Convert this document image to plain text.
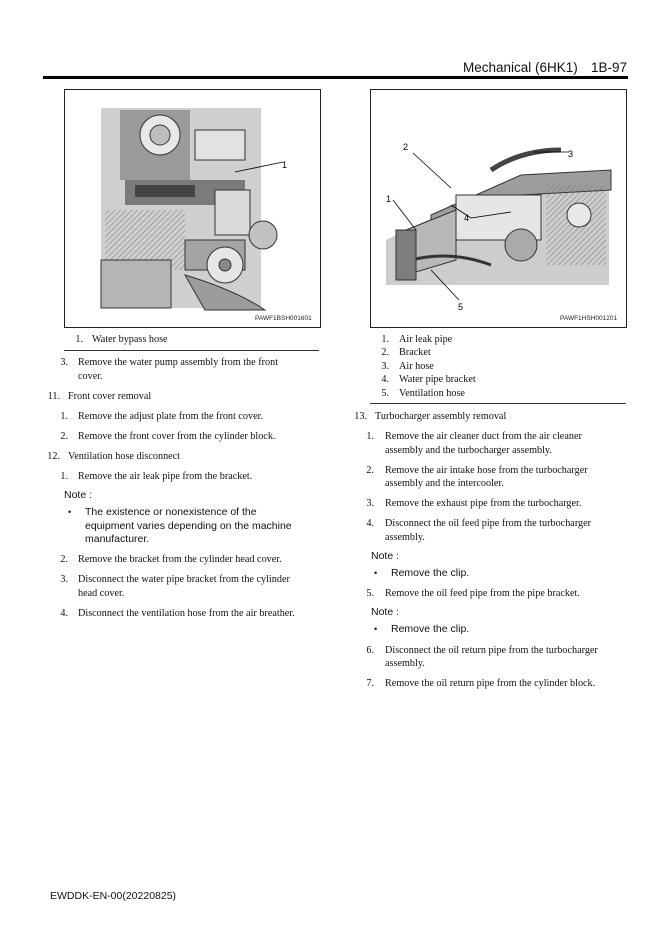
Mechanical (6HK1) 1B-97
1
PAWF1BSH001601
2
3
1
4
5
PAWF1HSH001201
1. Water bypass hose
3. Remove the water pump assembly from the front
cover.
11. Front cover removal
1. Remove the adjust plate from the front cover.
2. Remove the front cover from the cylinder block.
12. Ventilation hose disconnect
1. Remove the air leak pipe from the bracket.
Note :
• The existence or nonexistence of the
equipment varies depending on the machine
manufacturer.
2. Remove the bracket from the cylinder head cover.
3. Disconnect the water pipe bracket from the cylinder
head cover.
4. Disconnect the ventilation hose from the air breather.
1. Air leak pipe
2. Bracket
3. Air hose
4. Water pipe bracket
5. Ventilation hose
13. Turbocharger assembly removal
1. Remove the air cleaner duct from the air cleaner
assembly and the turbocharger assembly.
2. Remove the air intake hose from the turbocharger
assembly and the intercooler.
3. Remove the exhaust pipe from the turbocharger.
4. Disconnect the oil feed pipe from the turbocharger
assembly.
Note :
• Remove the clip.
5. Remove the oil feed pipe from the pipe bracket.
Note :
• Remove the clip.
6. Disconnect the oil return pipe from the turbocharger
assembly.
7. Remove the oil return pipe from the cylinder block.
EWDDK-EN-00(20220825)
